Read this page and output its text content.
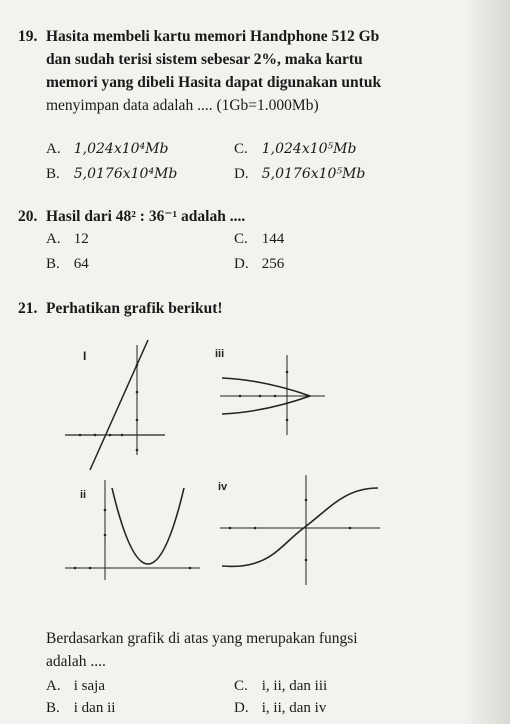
19. Hasita membeli kartu memori Handphone 512 Gb
dan sudah terisi sistem sebesar 2%, maka kartu
memori yang dibeli Hasita dapat digunakan untuk
menyimpan data adalah .... (1Gb=1.000Mb)
A. 1,024x10⁴Mb	C. 1,024x10⁵Mb
B. 5,0176x10⁴Mb	D. 5,0176x10⁵Mb
20. Hasil dari 48² : 36⁻¹ adalah ....
A. 12	C. 144
B. 64	D. 256
21. Perhatikan grafik berikut!
I	iii
ii
iv
Berdasarkan grafik di atas yang merupakan fungsi
adalah ....
A. i saja	C. i, ii, dan iii
B. i dan ii	D. i, ii, dan iv
